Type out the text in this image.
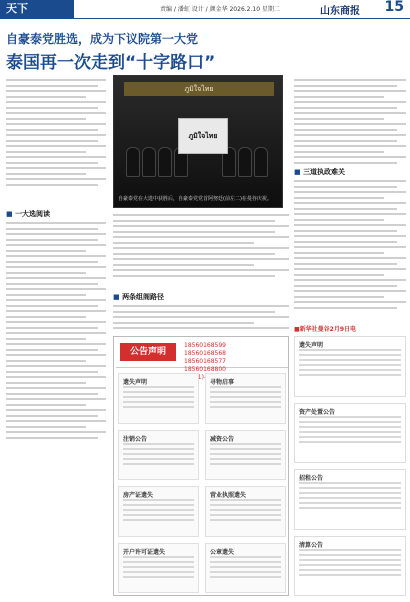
天下	责编 / 潘虹 设计 / 颜金华 2026.2.10 星期二	山东商报 15
自豪泰党胜选，成为下议院第一大党
泰国再一次走到“十字路口”
■ 一大选阅读
ภูมิใจไทย
ภูมิใจไทย
自豪泰党在大选中获胜后，自豪泰党党首阿努廷(前左二)在曼谷庆祝。
■ 两条组阁路径
■ 三道执政难关
■新华社曼谷2月9日电
公告声明
18560168599
18560168568
18560168577
18560168800
遗失声明	寻物启事
注销公告	减资公告
房产证遗失	营业执照遗失
开户许可证遗失	公章遗失
遗失声明
资产处置公告
招租公告
清算公告
